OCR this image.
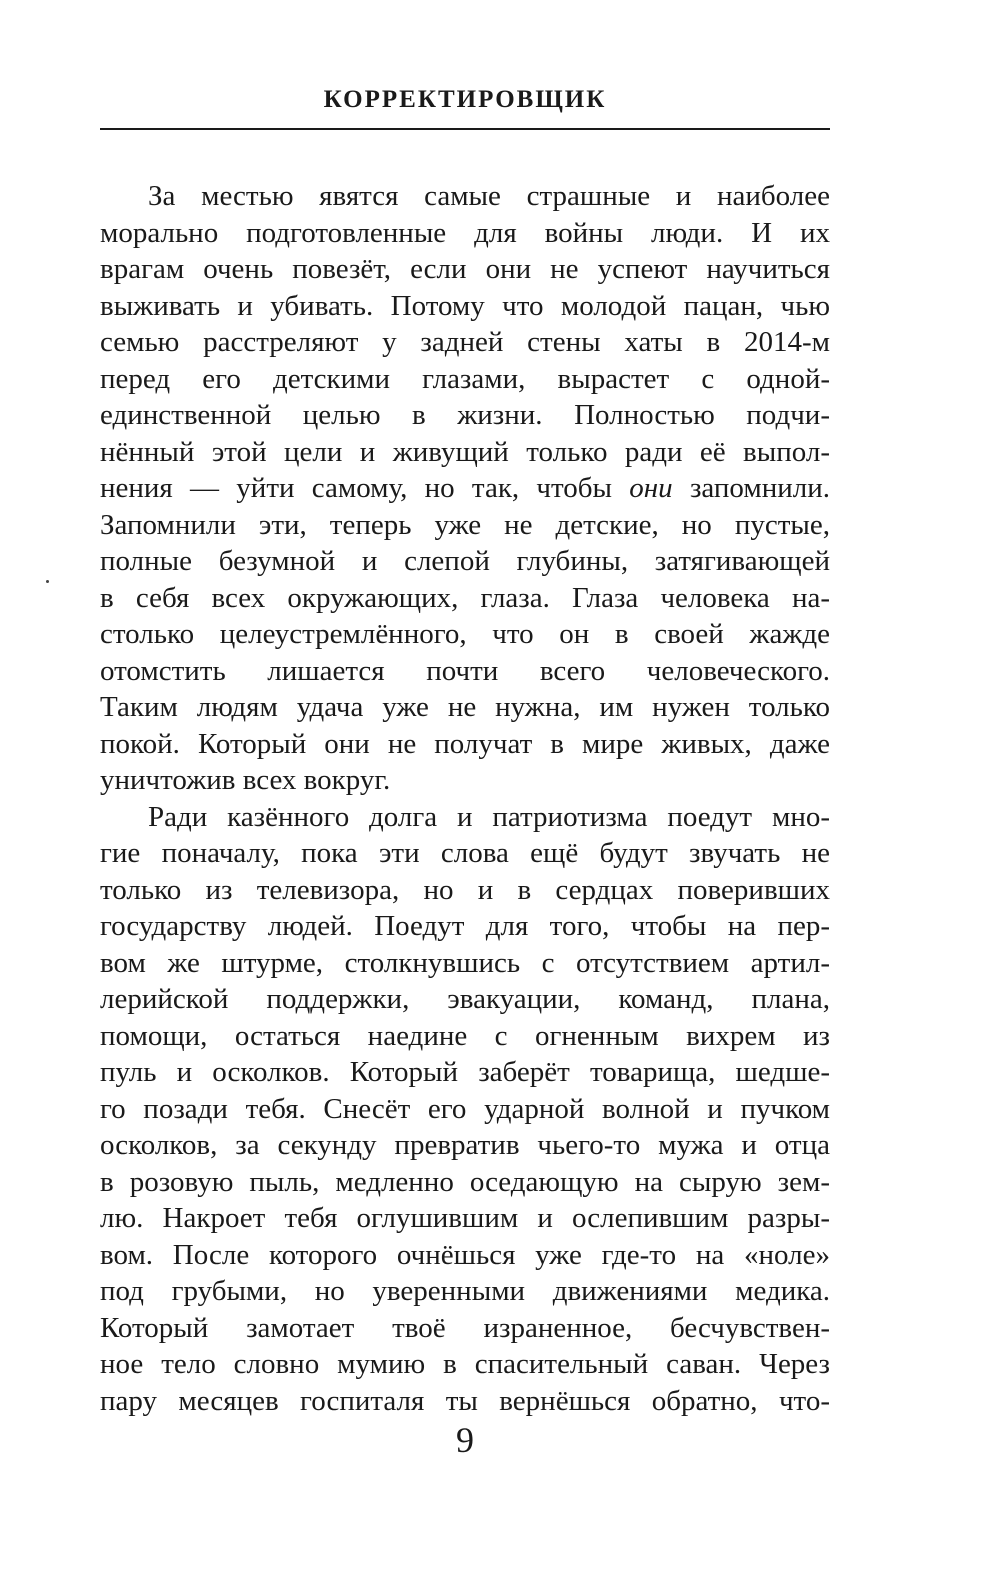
КОРРЕКТИРОВЩИК
За местью явятся самые страшные и наиболее
морально подготовленные для войны люди. И их
врагам очень повезёт, если они не успеют научиться
выживать и убивать. Потому что молодой пацан, чью
семью расстреляют у задней стены хаты в 2014-м
перед его детскими глазами, вырастет с одной-
единственной целью в жизни. Полностью подчи-
нённый этой цели и живущий только ради её выпол-
нения — уйти самому, но так, чтобы они запомнили.
Запомнили эти, теперь уже не детские, но пустые,
полные безумной и слепой глубины, затягивающей
в себя всех окружающих, глаза. Глаза человека на-
столько целеустремлённого, что он в своей жажде
отомстить лишается почти всего человеческого.
Таким людям удача уже не нужна, им нужен только
покой. Который они не получат в мире живых, даже
уничтожив всех вокруг.
Ради казённого долга и патриотизма поедут мно-
гие поначалу, пока эти слова ещё будут звучать не
только из телевизора, но и в сердцах поверивших
государству людей. Поедут для того, чтобы на пер-
вом же штурме, столкнувшись с отсутствием артил-
лерийской поддержки, эвакуации, команд, плана,
помощи, остаться наедине с огненным вихрем из
пуль и осколков. Который заберёт товарища, шедше-
го позади тебя. Снесёт его ударной волной и пучком
осколков, за секунду превратив чьего-то мужа и отца
в розовую пыль, медленно оседающую на сырую зем-
лю. Накроет тебя оглушившим и ослепившим разры-
вом. После которого очнёшься уже где-то на «ноле»
под грубыми, но уверенными движениями медика.
Который замотает твоё израненное, бесчувствен-
ное тело словно мумию в спасительный саван. Через
пару месяцев госпиталя ты вернёшься обратно, что-
9
